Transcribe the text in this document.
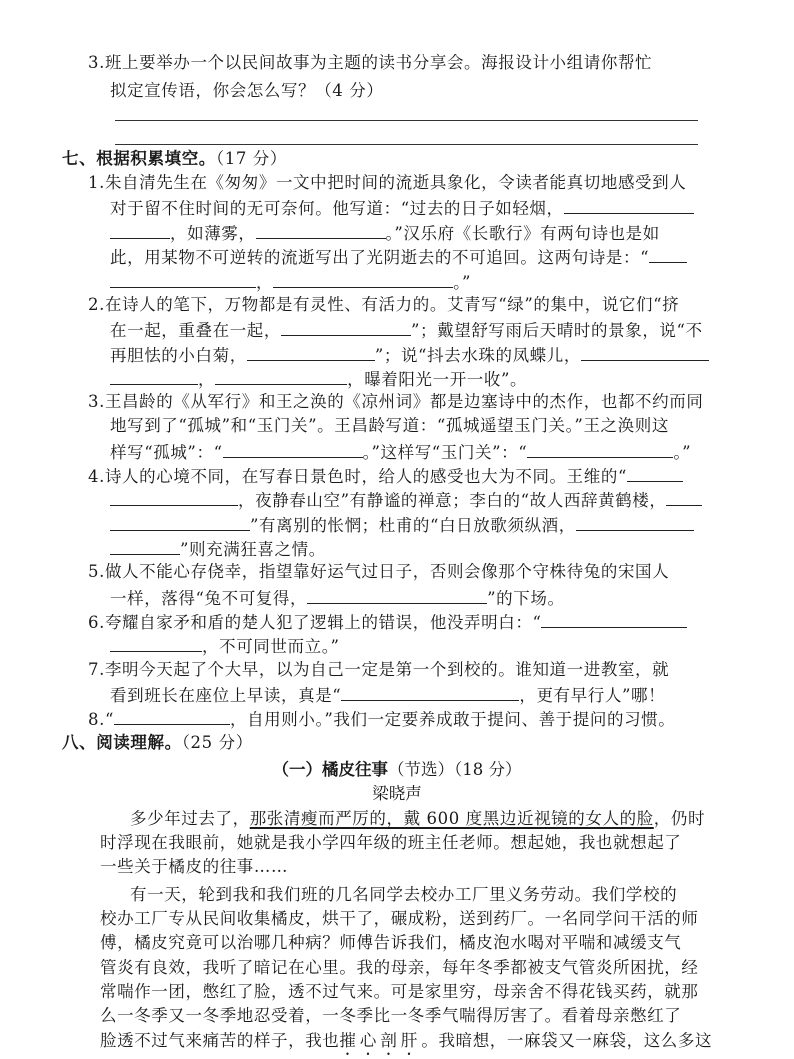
3.班上要举办一个以民间故事为主题的读书分享会。海报设计小组请你帮忙
拟定宣传语，你会怎么写？（4 分）
七、根据积累填空。（17 分）
1.朱自清先生在《匆匆》一文中把时间的流逝具象化，令读者能真切地感受到人
对于留不住时间的无可奈何。他写道：“过去的日子如轻烟，
，如薄雾，	。”汉乐府《长歌行》有两句诗也是如
此，用某物不可逆转的流逝写出了光阴逝去的不可追回。这两句诗是：“
，	。”
2.在诗人的笔下，万物都是有灵性、有活力的。艾青写“绿”的集中，说它们“挤
在一起，重叠在一起，	”；戴望舒写雨后天晴时的景象，说“不
再胆怯的小白菊，	”；说“抖去水珠的凤蝶儿，
，	，曝着阳光一开一收”。
3.王昌龄的《从军行》和王之涣的《凉州词》都是边塞诗中的杰作，也都不约而同
地写到了“孤城”和“玉门关”。王昌龄写道：“孤城遥望玉门关。”王之涣则这
样写“孤城”：“	。”这样写“玉门关”：“	。”
4.诗人的心境不同，在写春日景色时，给人的感受也大为不同。王维的“
，夜静春山空”有静谧的禅意；李白的“故人西辞黄鹤楼，
”有离别的怅惘；杜甫的“白日放歌须纵酒，
”则充满狂喜之情。
5.做人不能心存侥幸，指望靠好运气过日子，否则会像那个守株待兔的宋国人
一样，落得“兔不可复得，	”的下场。
6.夸耀自家矛和盾的楚人犯了逻辑上的错误，他没弄明白：“
，不可同世而立。”
7.李明今天起了个大早，以为自己一定是第一个到校的。谁知道一进教室，就
看到班长在座位上早读，真是“	，更有早行人”哪！
8.“	，自用则小。”我们一定要养成敢于提问、善于提问的习惯。
八、阅读理解。（25 分）
（一）橘皮往事（节选）（18 分）
梁晓声
多少年过去了，那张清瘦而严厉的，戴 600 度黑边近视镜的女人的脸，仍时
时浮现在我眼前，她就是我小学四年级的班主任老师。想起她，我也就想起了
一些关于橘皮的往事……
有一天，轮到我和我们班的几名同学去校办工厂里义务劳动。我们学校的
校办工厂专从民间收集橘皮，烘干了，碾成粉，送到药厂。一名同学问干活的师
傅，橘皮究竟可以治哪几种病？师傅告诉我们，橘皮泡水喝对平喘和减缓支气
管炎有良效，我听了暗记在心里。我的母亲，每年冬季都被支气管炎所困扰，经
常喘作一团，憋红了脸，透不过气来。可是家里穷，母亲舍不得花钱买药，就那
么一冬季又一冬季地忍受着，一冬季比一冬季气喘得厉害了。看着母亲憋红了
脸透不过气来痛苦的样子，我也摧心剖肝。我暗想，一麻袋又一麻袋，这么多这
